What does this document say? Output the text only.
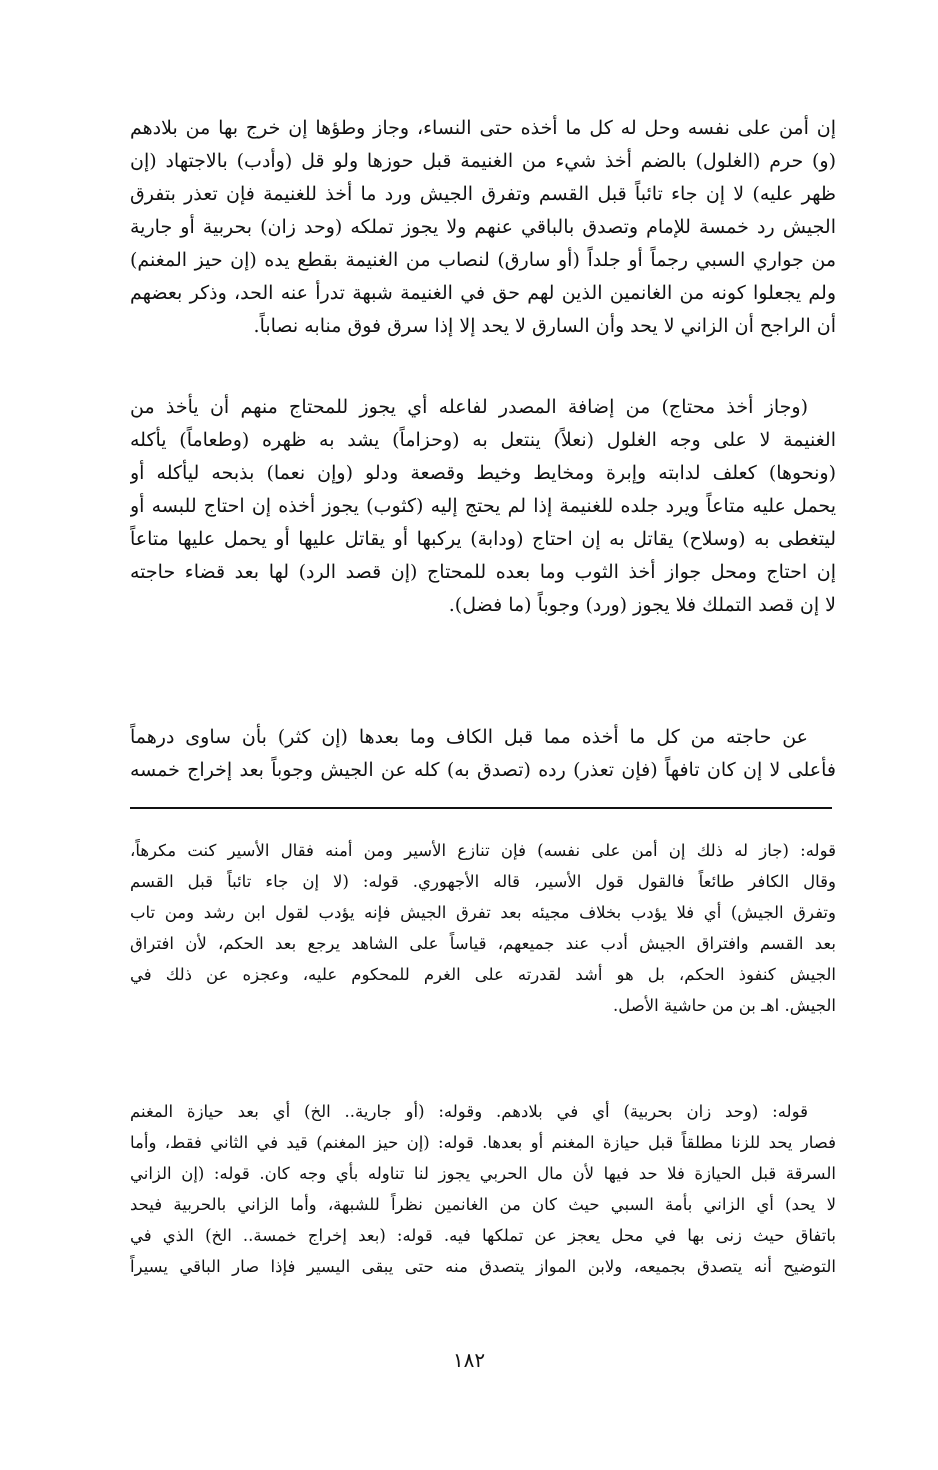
إن أمن على نفسه وحل له كل ما أخذه حتى النساء، وجاز وطؤها إن خرج بها من بلادهم
(و) حرم (الغلول) بالضم أخذ شيء من الغنيمة قبل حوزها ولو قل (وأدب) بالاجتهاد (إن
ظهر عليه) لا إن جاء تائباً قبل القسم وتفرق الجيش ورد ما أخذ للغنيمة فإن تعذر بتفرق
الجيش رد خمسة للإمام وتصدق بالباقي عنهم ولا يجوز تملكه (وحد زان) بحربية أو جارية
من جواري السبي رجماً أو جلداً (أو سارق) لنصاب من الغنيمة بقطع يده (إن حيز المغنم)
ولم يجعلوا كونه من الغانمين الذين لهم حق في الغنيمة شبهة تدرأ عنه الحد، وذكر بعضهم
أن الراجح أن الزاني لا يحد وأن السارق لا يحد إلا إذا سرق فوق منابه نصاباً.
(وجاز أخذ محتاج) من إضافة المصدر لفاعله أي يجوز للمحتاج منهم أن يأخذ من
الغنيمة لا على وجه الغلول (نعلاً) ينتعل به (وحزاماً) يشد به ظهره (وطعاماً) يأكله
(ونحوها) كعلف لدابته وإبرة ومخايط وخيط وقصعة ودلو (وإن نعما) بذبحه ليأكله أو
يحمل عليه متاعاً ويرد جلده للغنيمة إذا لم يحتج إليه (كثوب) يجوز أخذه إن احتاج للبسه أو
ليتغطى به (وسلاح) يقاتل به إن احتاج (ودابة) يركبها أو يقاتل عليها أو يحمل عليها متاعاً
إن احتاج ومحل جواز أخذ الثوب وما بعده للمحتاج (إن قصد الرد) لها بعد قضاء حاجته
لا إن قصد التملك فلا يجوز (ورد) وجوباً (ما فضل).
عن حاجته من كل ما أخذه مما قبل الكاف وما بعدها (إن كثر) بأن ساوى درهماً
فأعلى لا إن كان تافهاً (فإن تعذر) رده (تصدق به) كله عن الجيش وجوباً بعد إخراج خمسه
قوله: (جاز له ذلك إن أمن على نفسه) فإن تنازع الأسير ومن أمنه فقال الأسير كنت مكرهاً،
وقال الكافر طائعاً فالقول قول الأسير، قاله الأجهوري. قوله: (لا إن جاء تائباً قبل القسم
وتفرق الجيش) أي فلا يؤدب بخلاف مجيئه بعد تفرق الجيش فإنه يؤدب لقول ابن رشد ومن تاب
بعد القسم وافتراق الجيش أدب عند جميعهم، قياساً على الشاهد يرجع بعد الحكم، لأن افتراق
الجيش كنفوذ الحكم، بل هو أشد لقدرته على الغرم للمحكوم عليه، وعجزه عن ذلك في
الجيش. اهـ بن من حاشية الأصل.
قوله: (وحد زان بحربية) أي في بلادهم. وقوله: (أو جارية.. الخ) أي بعد حيازة المغنم
فصار يحد للزنا مطلقاً قبل حيازة المغنم أو بعدها. قوله: (إن حيز المغنم) قيد في الثاني فقط، وأما
السرقة قبل الحيازة فلا حد فيها لأن مال الحربي يجوز لنا تناوله بأي وجه كان. قوله: (إن الزاني
لا يحد) أي الزاني بأمة السبي حيث كان من الغانمين نظراً للشبهة، وأما الزاني بالحربية فيحد
باتفاق حيث زنى بها في محل يعجز عن تملكها فيه. قوله: (بعد إخراج خمسة.. الخ) الذي في
التوضيح أنه يتصدق بجميعه، ولابن المواز يتصدق منه حتى يبقى اليسير فإذا صار الباقي يسيراً
١٨٢
